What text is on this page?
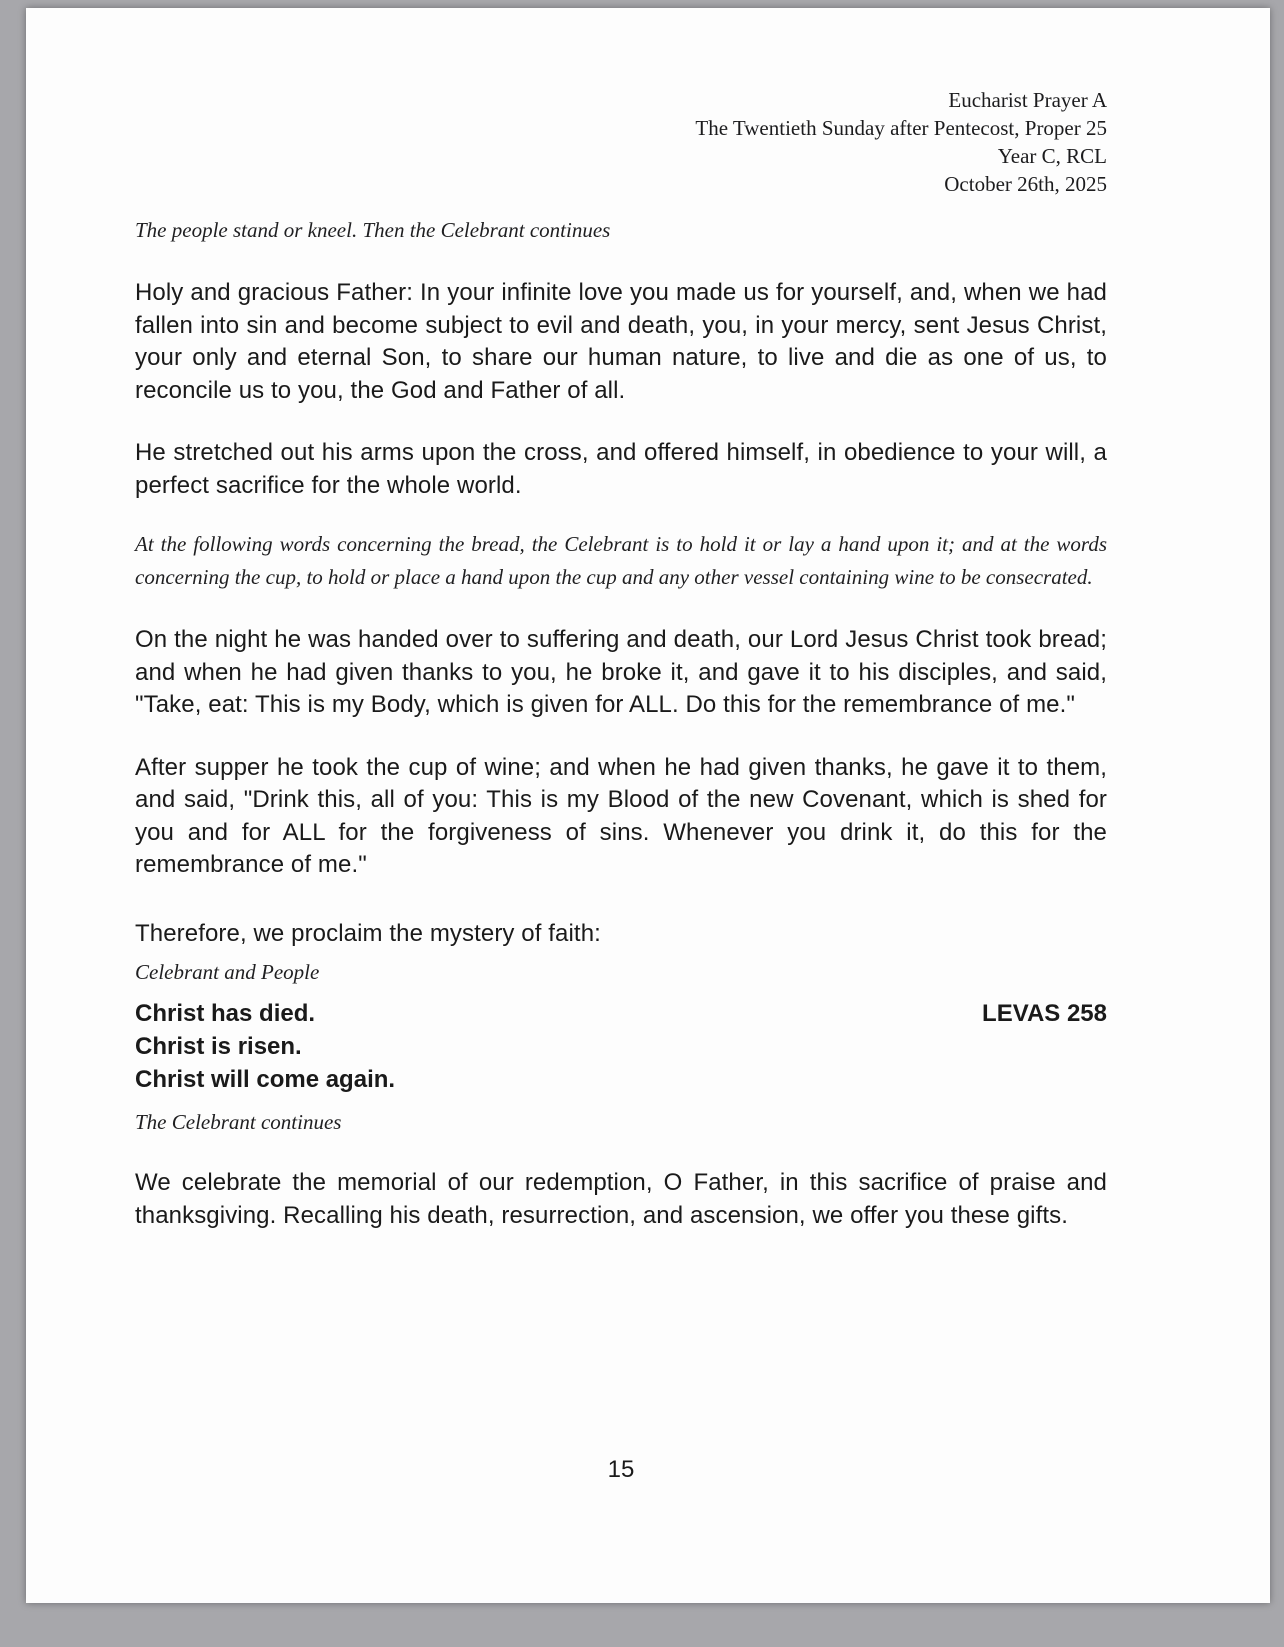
Eucharist Prayer A
The Twentieth Sunday after Pentecost, Proper 25
Year C, RCL
October 26th, 2025
The people stand or kneel. Then the Celebrant continues
Holy and gracious Father: In your infinite love you made us for yourself, and, when we had fallen into sin and become subject to evil and death, you, in your mercy, sent Jesus Christ, your only and eternal Son, to share our human nature, to live and die as one of us, to reconcile us to you, the God and Father of all.
He stretched out his arms upon the cross, and offered himself, in obedience to your will, a perfect sacrifice for the whole world.
At the following words concerning the bread, the Celebrant is to hold it or lay a hand upon it; and at the words concerning the cup, to hold or place a hand upon the cup and any other vessel containing wine to be consecrated.
On the night he was handed over to suffering and death, our Lord Jesus Christ took bread; and when he had given thanks to you, he broke it, and gave it to his disciples, and said, "Take, eat: This is my Body, which is given for ALL. Do this for the remembrance of me."
After supper he took the cup of wine; and when he had given thanks, he gave it to them, and said, "Drink this, all of you: This is my Blood of the new Covenant, which is shed for you and for ALL for the forgiveness of sins. Whenever you drink it, do this for the remembrance of me."
Therefore, we proclaim the mystery of faith:
Celebrant and People
Christ has died.	LEVAS 258
Christ is risen.
Christ will come again.
The Celebrant continues
We celebrate the memorial of our redemption, O Father, in this sacrifice of praise and thanksgiving. Recalling his death, resurrection, and ascension, we offer you these gifts.
15
